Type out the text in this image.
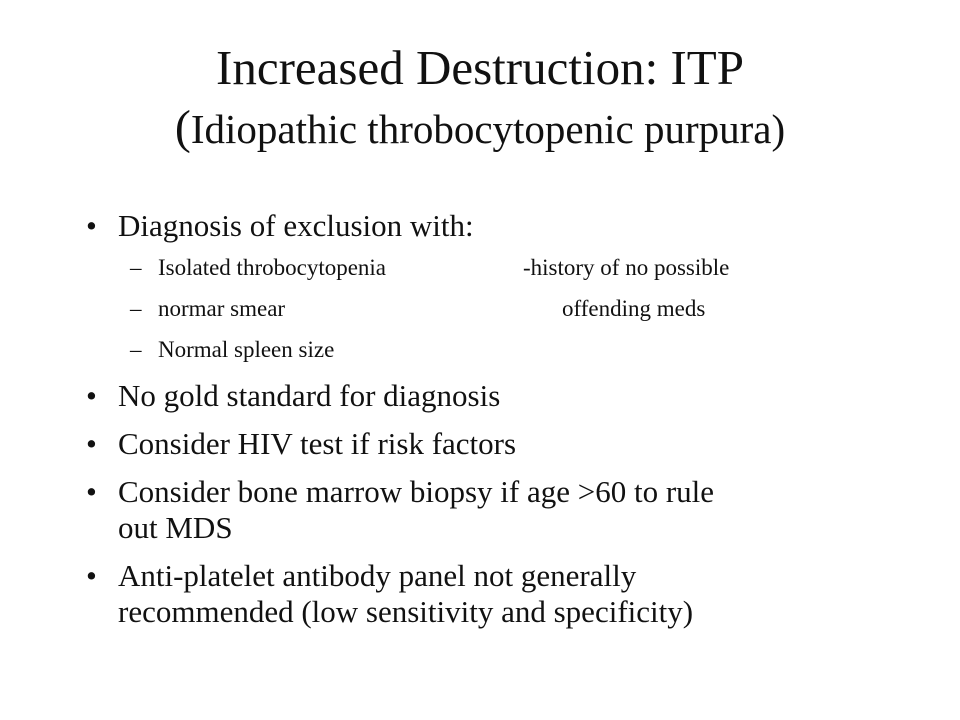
Increased Destruction: ITP
(Idiopathic throbocytopenic purpura)
• Diagnosis of exclusion with:
– Isolated throbocytopenia	-history of no possible
– normar smear	offending meds
– Normal spleen size
• No gold standard for diagnosis
• Consider HIV test if risk factors
• Consider bone marrow biopsy if age >60 to rule
out MDS
• Anti-platelet antibody panel not generally
recommended (low sensitivity and specificity)
